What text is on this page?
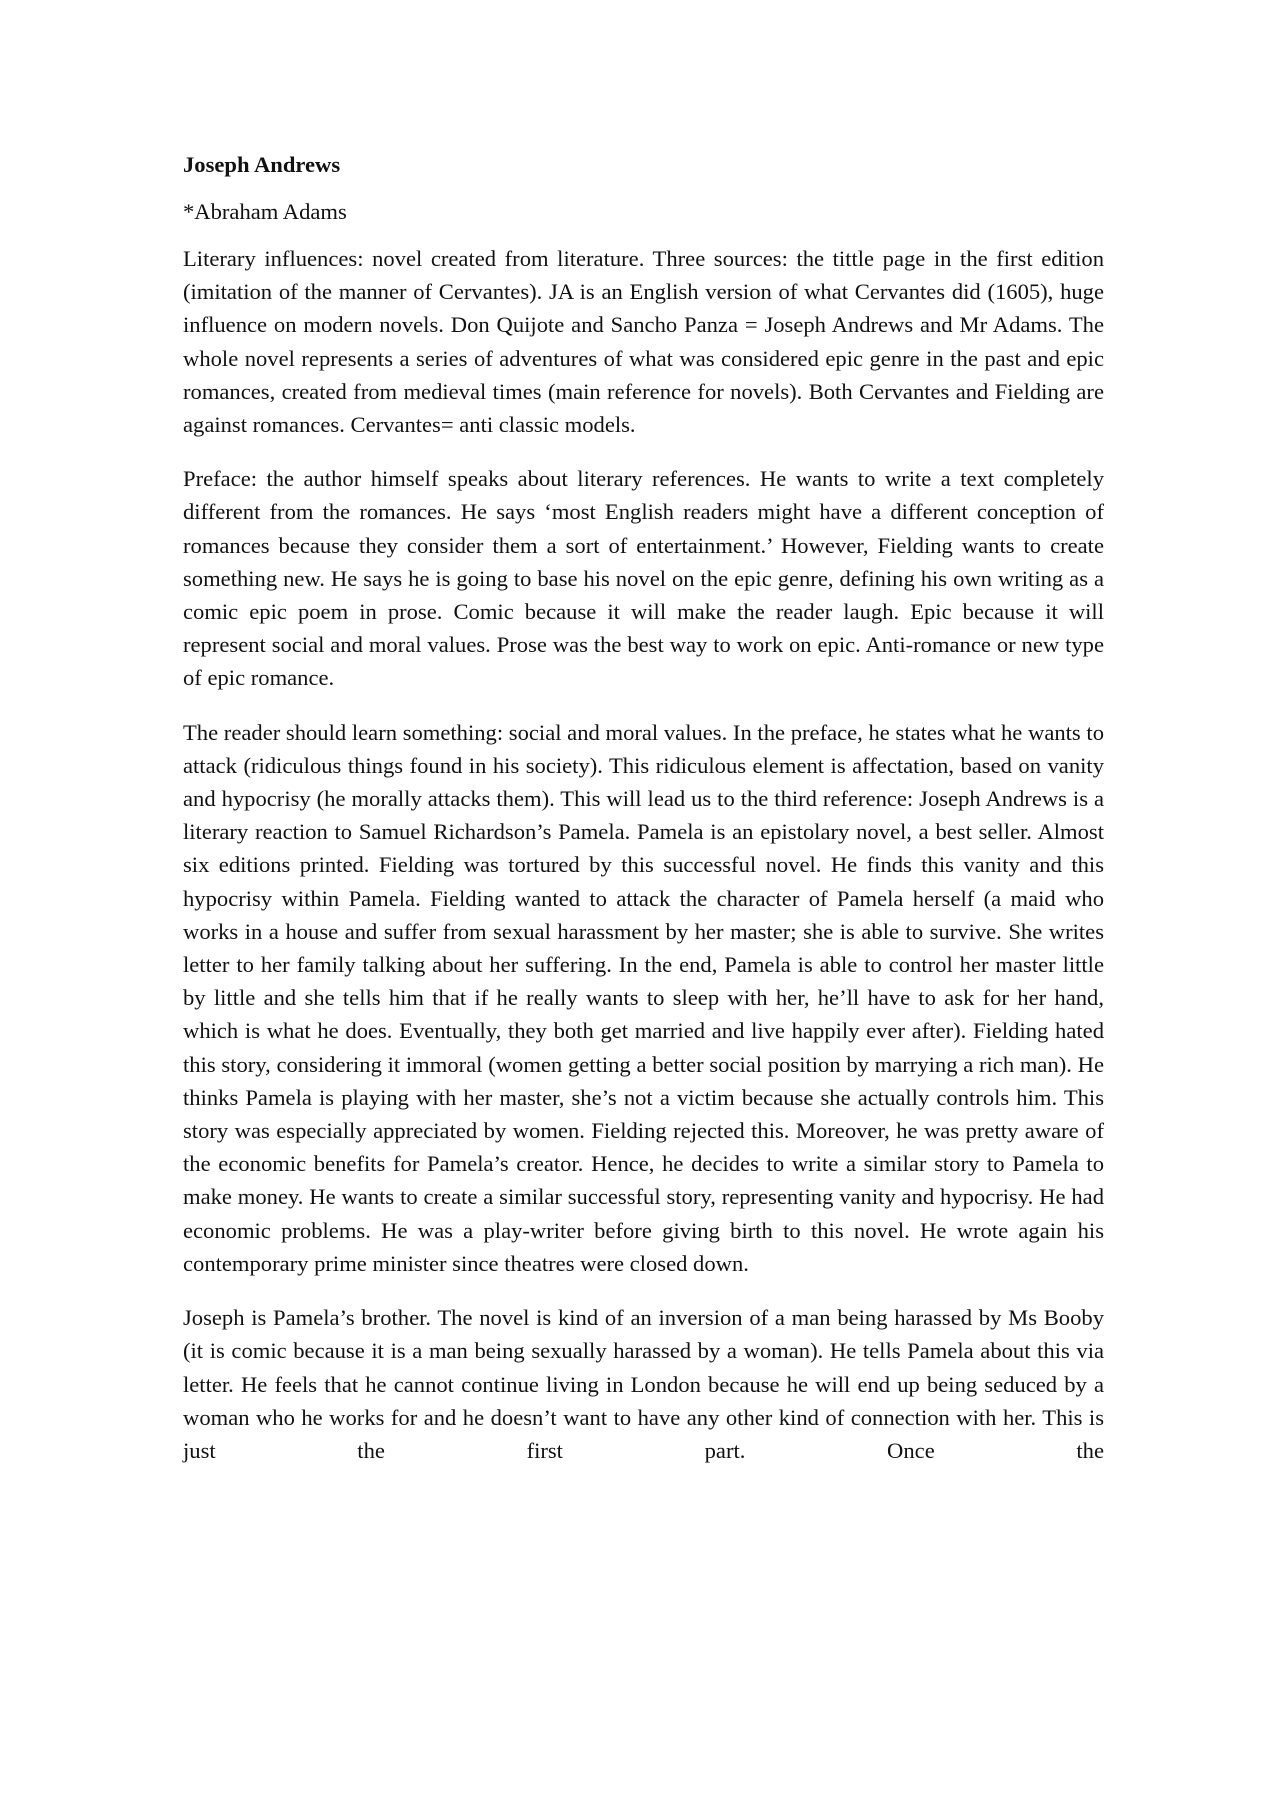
Joseph Andrews
*Abraham Adams

Literary influences: novel created from literature. Three sources: the tittle page in the first edition (imitation of the manner of Cervantes). JA is an English version of what Cervantes did (1605), huge influence on modern novels. Don Quijote and Sancho Panza = Joseph Andrews and Mr Adams. The whole novel represents a series of adventures of what was considered epic genre in the past and epic romances, created from medieval times (main reference for novels). Both Cervantes and Fielding are against romances. Cervantes= anti classic models.

Preface: the author himself speaks about literary references. He wants to write a text completely different from the romances. He says ‘most English readers might have a different conception of romances because they consider them a sort of entertainment.’ However, Fielding wants to create something new. He says he is going to base his novel on the epic genre, defining his own writing as a comic epic poem in prose. Comic because it will make the reader laugh. Epic because it will represent social and moral values. Prose was the best way to work on epic. Anti-romance or new type of epic romance.

The reader should learn something: social and moral values. In the preface, he states what he wants to attack (ridiculous things found in his society). This ridiculous element is affectation, based on vanity and hypocrisy (he morally attacks them). This will lead us to the third reference: Joseph Andrews is a literary reaction to Samuel Richardson’s Pamela. Pamela is an epistolary novel, a best seller. Almost six editions printed. Fielding was tortured by this successful novel. He finds this vanity and this hypocrisy within Pamela. Fielding wanted to attack the character of Pamela herself (a maid who works in a house and suffer from sexual harassment by her master; she is able to survive. She writes letter to her family talking about her suffering. In the end, Pamela is able to control her master little by little and she tells him that if he really wants to sleep with her, he’ll have to ask for her hand, which is what he does. Eventually, they both get married and live happily ever after). Fielding hated this story, considering it immoral (women getting a better social position by marrying a rich man). He thinks Pamela is playing with her master, she’s not a victim because she actually controls him. This story was especially appreciated by women. Fielding rejected this. Moreover, he was pretty aware of the economic benefits for Pamela’s creator. Hence, he decides to write a similar story to Pamela to make money. He wants to create a similar successful story, representing vanity and hypocrisy. He had economic problems. He was a play-writer before giving birth to this novel. He wrote again his contemporary prime minister since theatres were closed down.

Joseph is Pamela’s brother. The novel is kind of an inversion of a man being harassed by Ms Booby (it is comic because it is a man being sexually harassed by a woman). He tells Pamela about this via letter. He feels that he cannot continue living in London because he will end up being seduced by a woman who he works for and he doesn’t want to have any other kind of connection with her. This is just the first part. Once the
